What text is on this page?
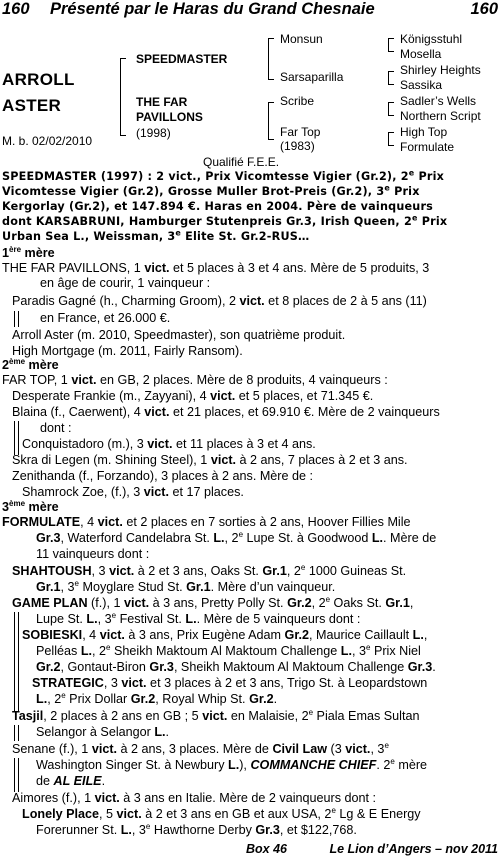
160 Présenté par le Haras du Grand Chesnaie	160
ARROLL
ASTER
M. b. 02/02/2010
SPEEDMASTER
THE FAR
PAVILLONS
(1998)
Monsun
Sarsaparilla
Scribe
Far Top
(1983)
Königsstuhl
Mosella
Shirley Heights
Sassika
Sadler’s Wells
Northern Script
High Top
Formulate
Qualifié F.E.E.
SPEEDMASTER (1997) : 2 vict., Prix Vicomtesse Vigier (Gr.2), 2e Prix
Vicomtesse Vigier (Gr.2), Grosse Muller Brot-Preis (Gr.2), 3e Prix
Kergorlay (Gr.2), et 147.894 €. Haras en 2004. Père de vainqueurs
dont KARSABRUNI, Hamburger Stutenpreis Gr.3, Irish Queen, 2e Prix
Urban Sea L., Weissman, 3e Elite St. Gr.2-RUS…
1ère mère
THE FAR PAVILLONS, 1 vict. et 5 places à 3 et 4 ans. Mère de 5 produits, 3
en âge de courir, 1 vainqueur :
Paradis Gagné (h., Charming Groom), 2 vict. et 8 places de 2 à 5 ans (11)
en France, et 26.000 €.
Arroll Aster (m. 2010, Speedmaster), son quatrième produit.
High Mortgage (m. 2011, Fairly Ransom).
2ème mère
FAR TOP, 1 vict. en GB, 2 places. Mère de 8 produits, 4 vainqueurs :
Desperate Frankie (m., Zayyani), 4 vict. et 5 places, et 71.345 €.
Blaina (f., Caerwent), 4 vict. et 21 places, et 69.910 €. Mère de 2 vainqueurs
dont :
Conquistadoro (m.), 3 vict. et 11 places à 3 et 4 ans.
Skra di Legen (m. Shining Steel), 1 vict. à 2 ans, 7 places à 2 et 3 ans.
Zenithanda (f., Forzando), 3 places à 2 ans. Mère de :
Shamrock Zoe, (f.), 3 vict. et 17 places.
3ème mère
FORMULATE, 4 vict. et 2 places en 7 sorties à 2 ans, Hoover Fillies Mile
Gr.3, Waterford Candelabra St. L., 2e Lupe St. à Goodwood L.. Mère de
11 vainqueurs dont :
SHAHTOUSH, 3 vict. à 2 et 3 ans, Oaks St. Gr.1, 2e 1000 Guineas St.
Gr.1, 3e Moyglare Stud St. Gr.1. Mère d’un vainqueur.
GAME PLAN (f.), 1 vict. à 3 ans, Pretty Polly St. Gr.2, 2e Oaks St. Gr.1,
Lupe St. L., 3e Festival St. L.. Mère de 5 vainqueurs dont :
SOBIESKI, 4 vict. à 3 ans, Prix Eugène Adam Gr.2, Maurice Caillault L.,
Pelléas L., 2e Sheikh Maktoum Al Maktoum Challenge L., 3e Prix Niel
Gr.2, Gontaut-Biron Gr.3, Sheikh Maktoum Al Maktoum Challenge Gr.3.
STRATEGIC, 3 vict. et 3 places à 2 et 3 ans, Trigo St. à Leopardstown
L., 2e Prix Dollar Gr.2, Royal Whip St. Gr.2.
Tasjil, 2 places à 2 ans en GB ; 5 vict. en Malaisie, 2e Piala Emas Sultan
Selangor à Selangor L..
Senane (f.), 1 vict. à 2 ans, 3 places. Mère de Civil Law (3 vict., 3e
Washington Singer St. à Newbury L.), COMMANCHE CHIEF. 2e mère
de AL EILE.
Aimores (f.), 1 vict. à 3 ans en Italie. Mère de 2 vainqueurs dont :
Lonely Place, 5 vict. à 2 et 3 ans en GB et aux USA, 2e Lg & E Energy
Forerunner St. L., 3e Hawthorne Derby Gr.3, et $122,768.
Box 46	Le Lion d’Angers – nov 2011
